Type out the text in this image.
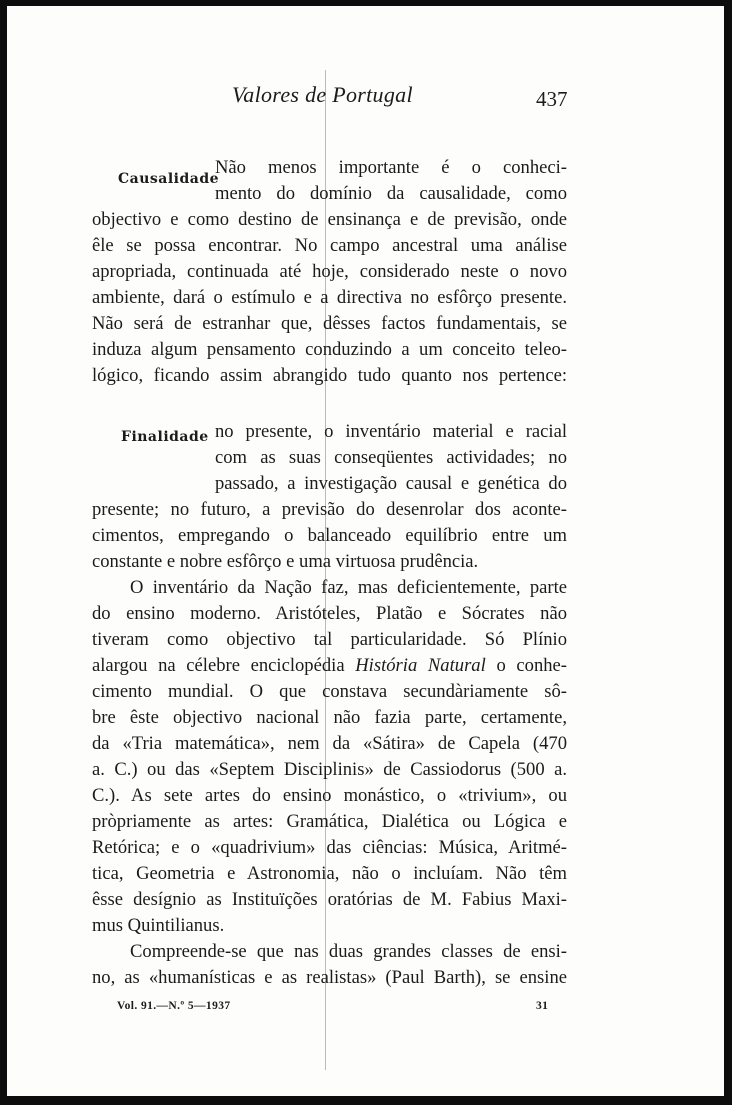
Valores de Portugal	437
Causalidade
Finalidade
Não menos importante é o conheci-
mento do domínio da causalidade, como
objectivo e como destino de ensinança e de previsão, onde
êle se possa encontrar. No campo ancestral uma análise
apropriada, continuada até hoje, considerado neste o novo
ambiente, dará o estímulo e a directiva no esfôrço presente.
Não será de estranhar que, dêsses factos fundamentais, se
induza algum pensamento conduzindo a um conceito teleo-
lógico, ficando assim abrangido tudo quanto nos pertence:
no presente, o inventário material e racial
com as suas conseqüentes actividades; no
passado, a investigação causal e genética do
presente; no futuro, a previsão do desenrolar dos aconte-
cimentos, empregando o balanceado equilíbrio entre um
constante e nobre esfôrço e uma virtuosa prudência.
O inventário da Nação faz, mas deficientemente, parte
do ensino moderno. Aristóteles, Platão e Sócrates não
tiveram como objectivo tal particularidade. Só Plínio
alargou na célebre enciclopédia História Natural o conhe-
cimento mundial. O que constava secundàriamente sô-
bre êste objectivo nacional não fazia parte, certamente,
da «Tria matemática», nem da «Sátira» de Capela (470
a. C.) ou das «Septem Disciplinis» de Cassiodorus (500 a.
C.). As sete artes do ensino monástico, o «trivium», ou
pròpriamente as artes: Gramática, Dialética ou Lógica e
Retórica; e o «quadrivium» das ciências: Música, Aritmé-
tica, Geometria e Astronomia, não o incluíam. Não têm
êsse desígnio as Instituïções oratórias de M. Fabius Maxi-
mus Quintilianus.
Compreende-se que nas duas grandes classes de ensi-
no, as «humanísticas e as realistas» (Paul Barth), se ensine
Vol. 91.—N.º 5—1937	31
